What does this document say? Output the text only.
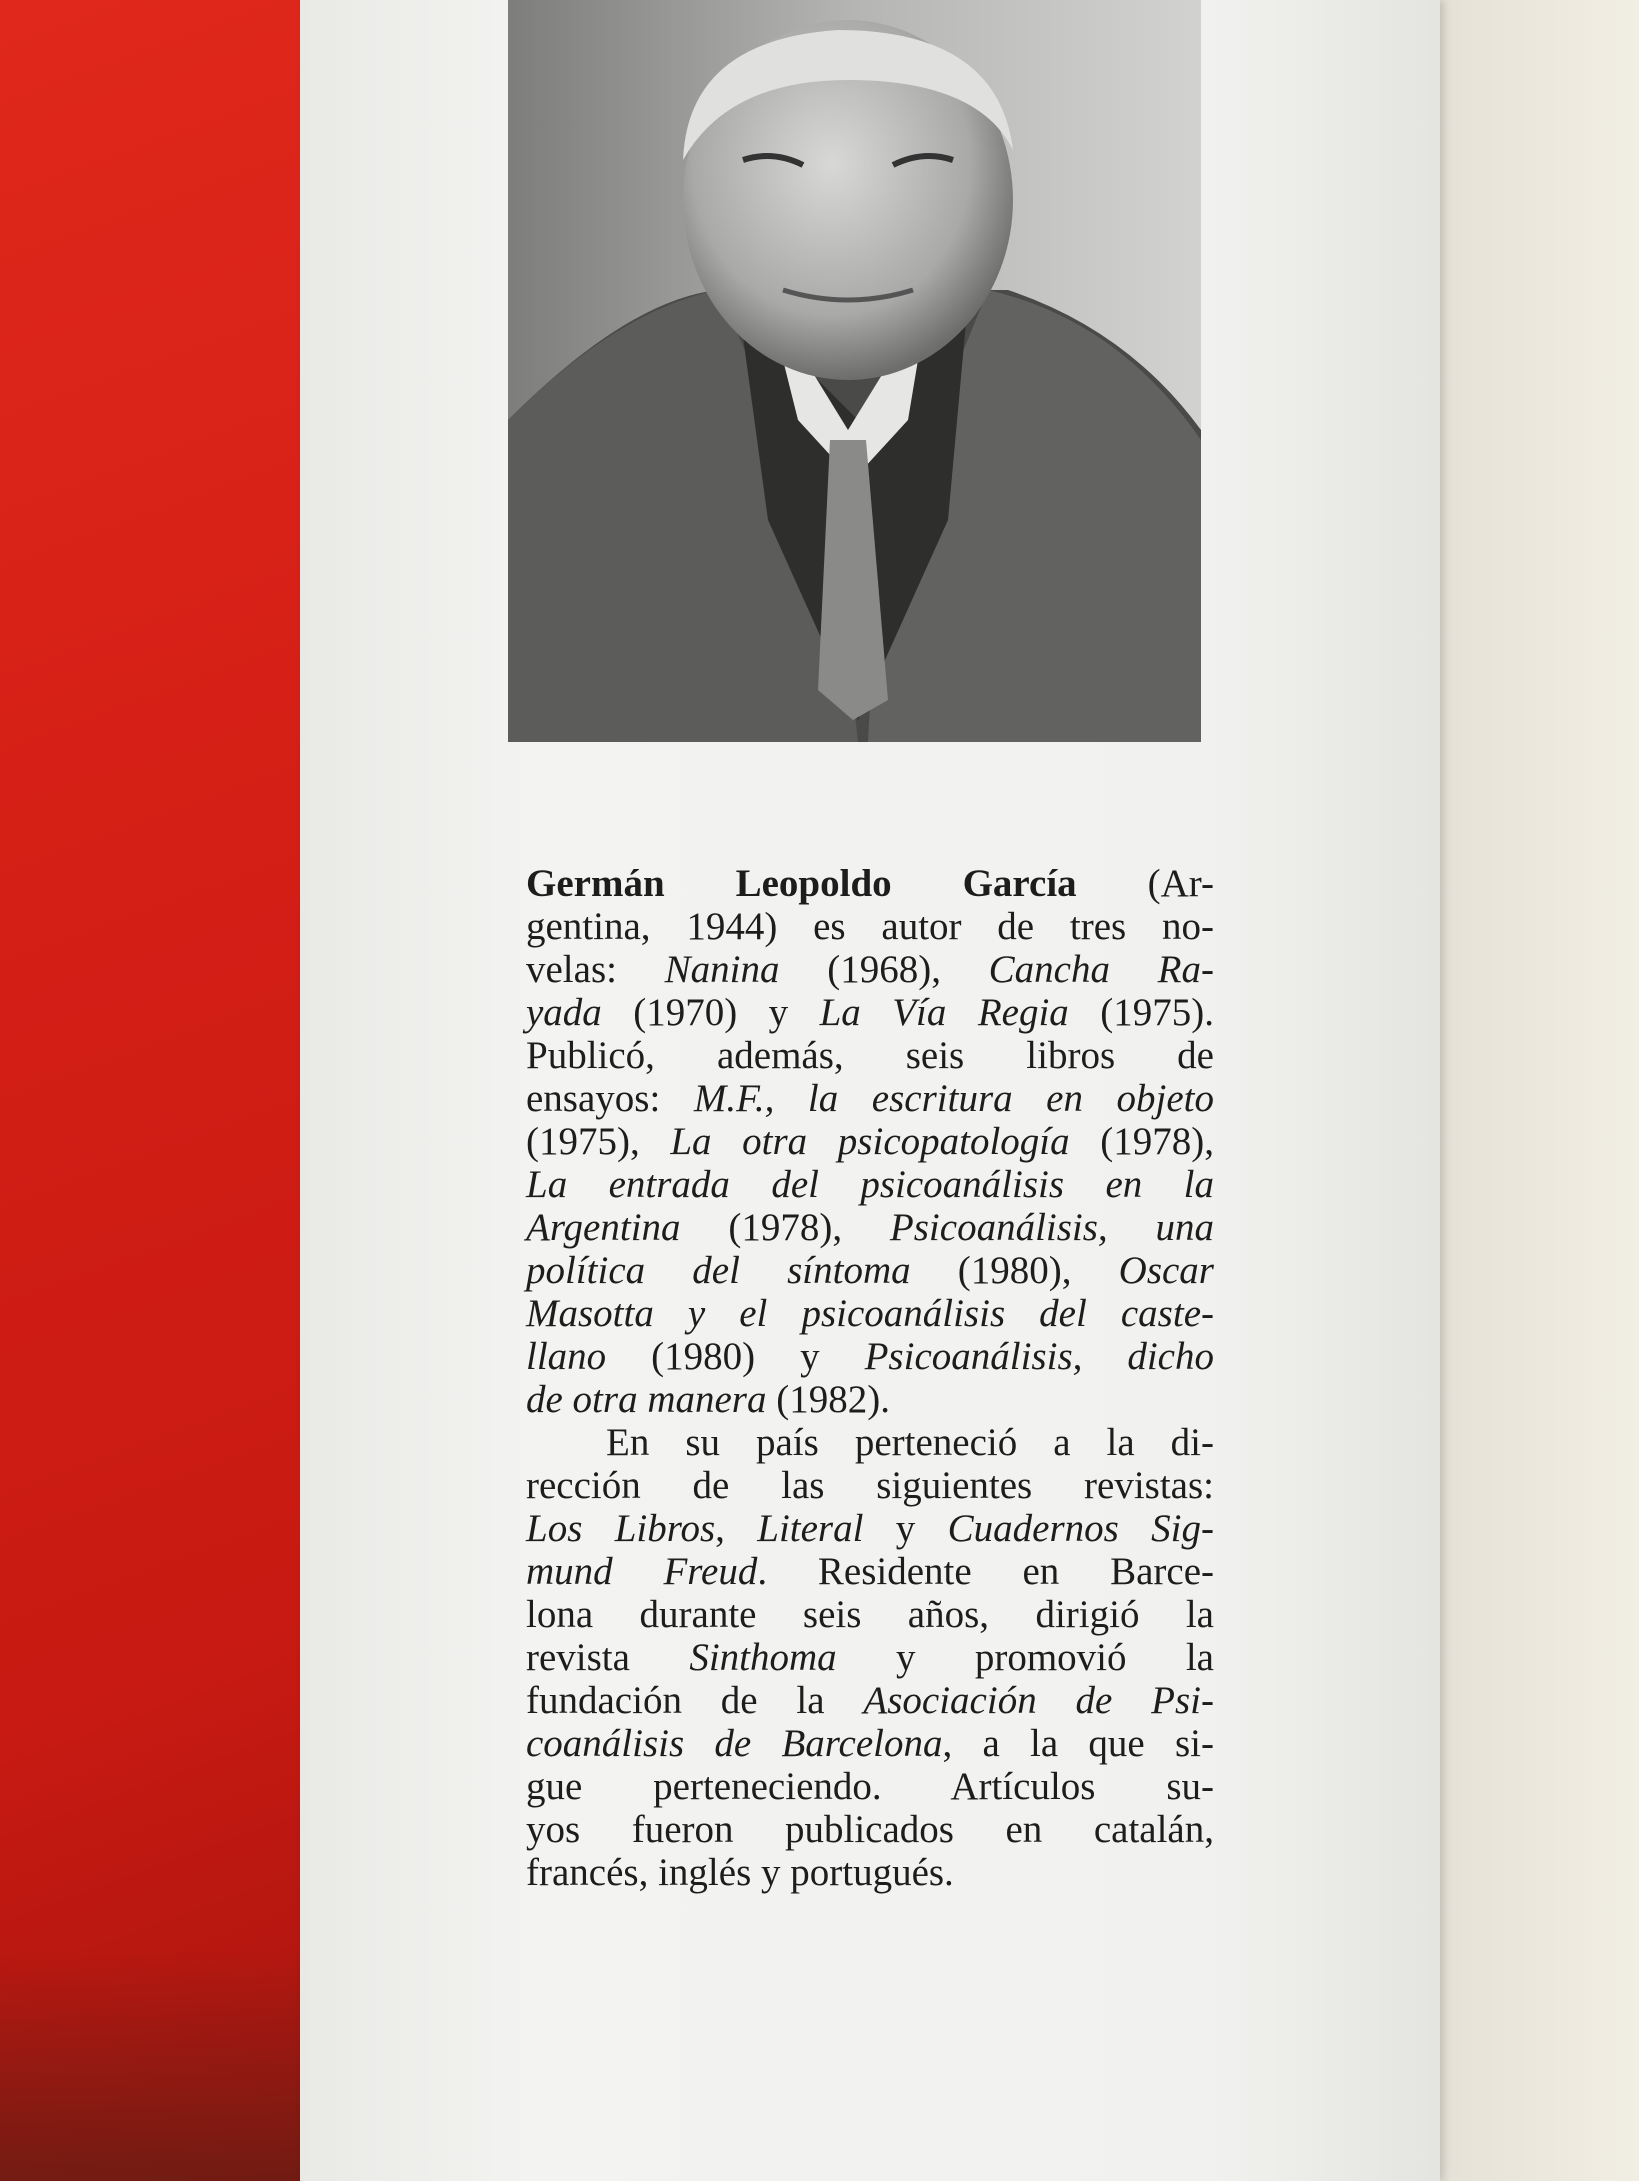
Germán Leopoldo García (Ar-
gentina, 1944) es autor de tres no-
velas: Nanina (1968), Cancha Ra-
yada (1970) y La Vía Regia (1975).
Publicó, además, seis libros de
ensayos: M.F., la escritura en objeto
(1975), La otra psicopatología (1978),
La entrada del psicoanálisis en la
Argentina (1978), Psicoanálisis, una
política del síntoma (1980), Oscar
Masotta y el psicoanálisis del caste-
llano (1980) y Psicoanálisis, dicho
de otra manera (1982).
En su país perteneció a la di-
rección de las siguientes revistas:
Los Libros, Literal y Cuadernos Sig-
mund Freud. Residente en Barce-
lona durante seis años, dirigió la
revista Sinthoma y promovió la
fundación de la Asociación de Psi-
coanálisis de Barcelona, a la que si-
gue perteneciendo. Artículos su-
yos fueron publicados en catalán,
francés, inglés y portugués.
